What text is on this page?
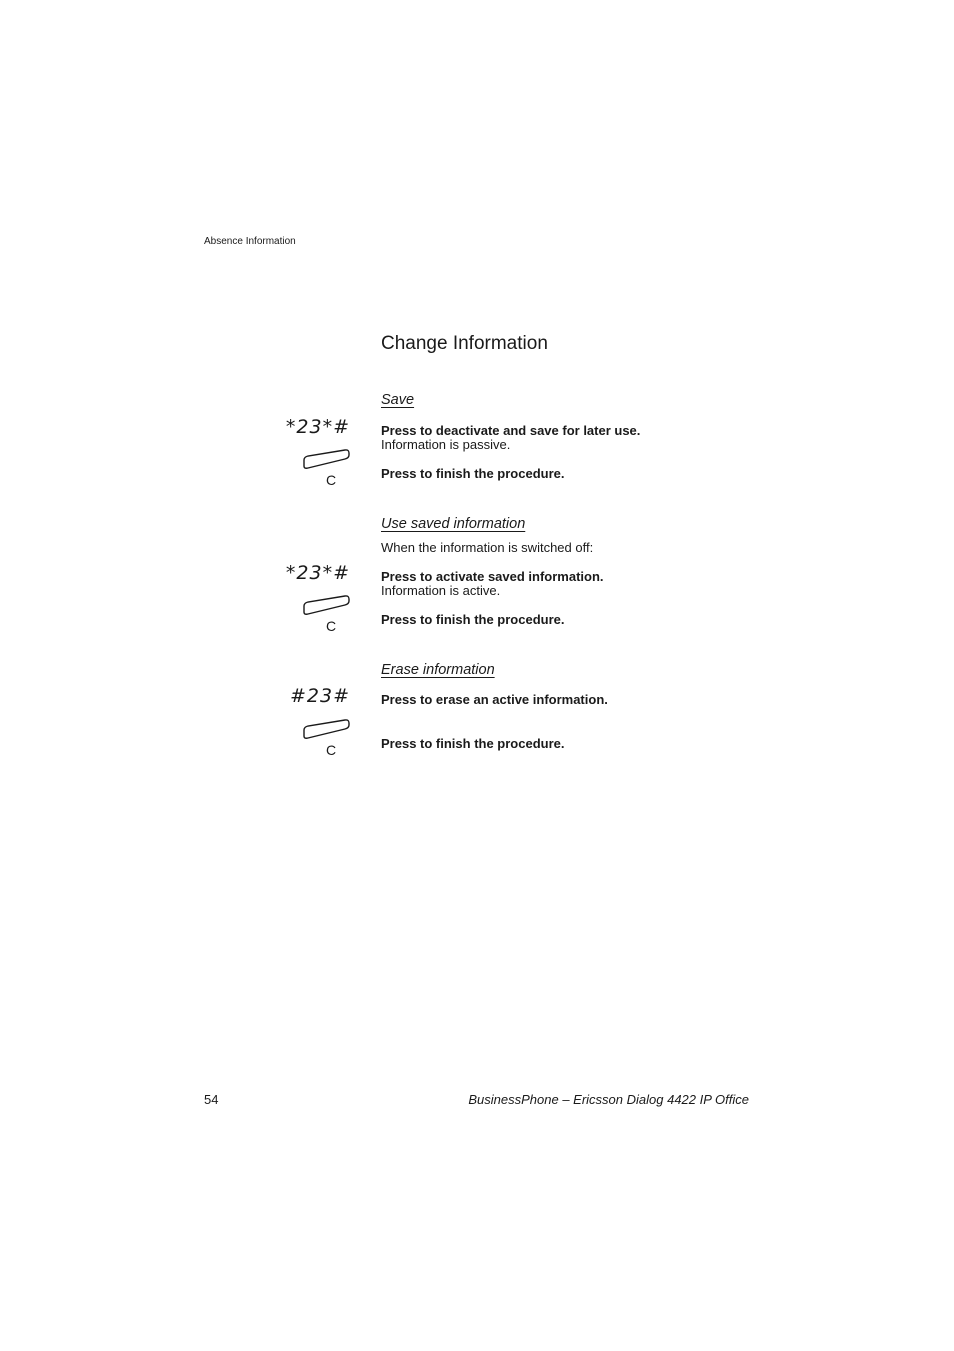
Absence Information
Change Information
Save
*23*# Press to deactivate and save for later use.
Information is passive.
C	Press to finish the procedure.
Use saved information
When the information is switched off:
*23*# Press to activate saved information.
Information is active.
C	Press to finish the procedure.
Erase information
#23# Press to erase an active information.
C	Press to finish the procedure.
54	BusinessPhone – Ericsson Dialog 4422 IP Office
